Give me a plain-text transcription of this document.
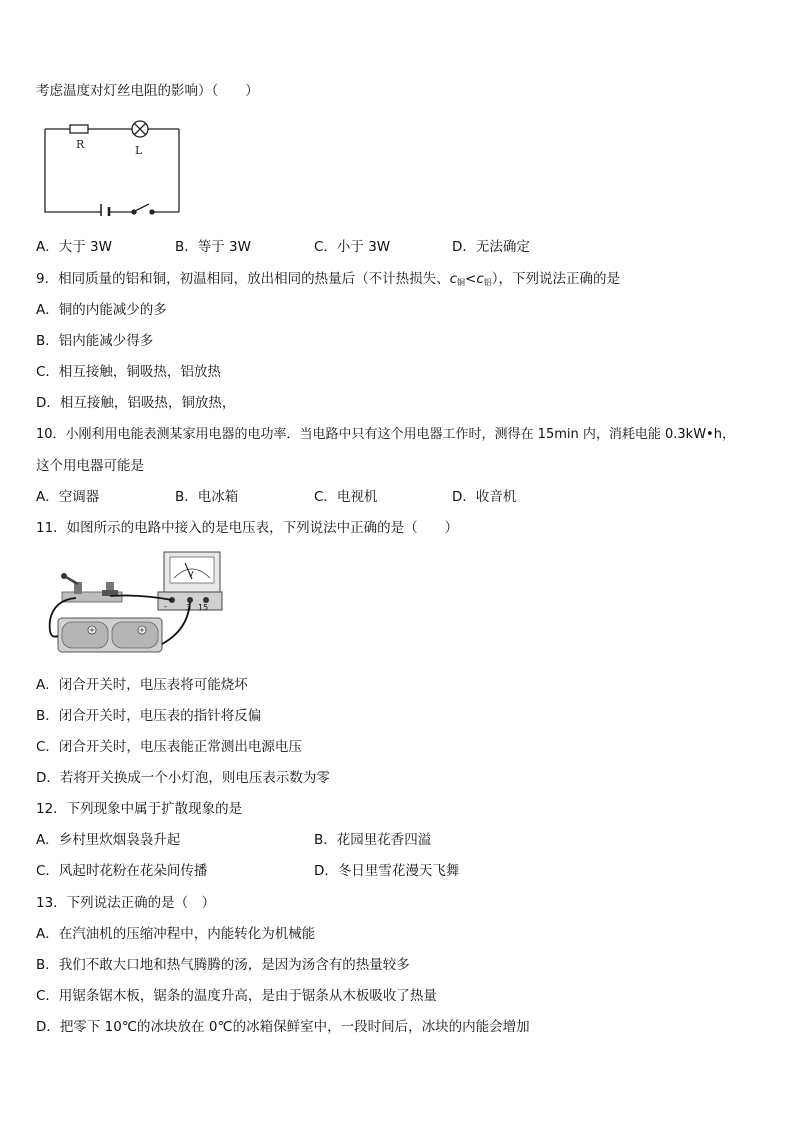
考虑温度对灯丝电阻的影响）（　　）
R	L
A．大于 3W	B．等于 3W	C．小于 3W	D．无法确定
9．相同质量的铝和铜，初温相同，放出相同的热量后（不计热损失、$c_铜<c_铝$），下列说法正确的是
A．铜的内能减少的多
B．铝内能减少得多
C．相互接触，铜吸热，铝放热
D．相互接触，铝吸热，铜放热，
10．小刚利用电能表测某家用电器的电功率．当电路中只有这个用电器工作时，测得在 15min 内，消耗电能 0.3kW•h，
这个用电器可能是
A．空调器	B．电冰箱	C．电视机	D．收音机
11．如图所示的电路中接入的是电压表，下列说法中正确的是（　　）
V
- 3 15
A．闭合开关时，电压表将可能烧坏
B．闭合开关时，电压表的指针将反偏
C．闭合开关时，电压表能正常测出电源电压
D．若将开关换成一个小灯泡，则电压表示数为零
12．下列现象中属于扩散现象的是
A．乡村里炊烟袅袅升起	B．花园里花香四溢
C．风起时花粉在花朵间传播	D．冬日里雪花漫天飞舞
13．下列说法正确的是（　）
A．在汽油机的压缩冲程中，内能转化为机械能
B．我们不敢大口地和热气腾腾的汤，是因为汤含有的热量较多
C．用锯条锯木板，锯条的温度升高，是由于锯条从木板吸收了热量
D．把零下 10℃的冰块放在 0℃的冰箱保鲜室中，一段时间后，冰块的内能会增加
